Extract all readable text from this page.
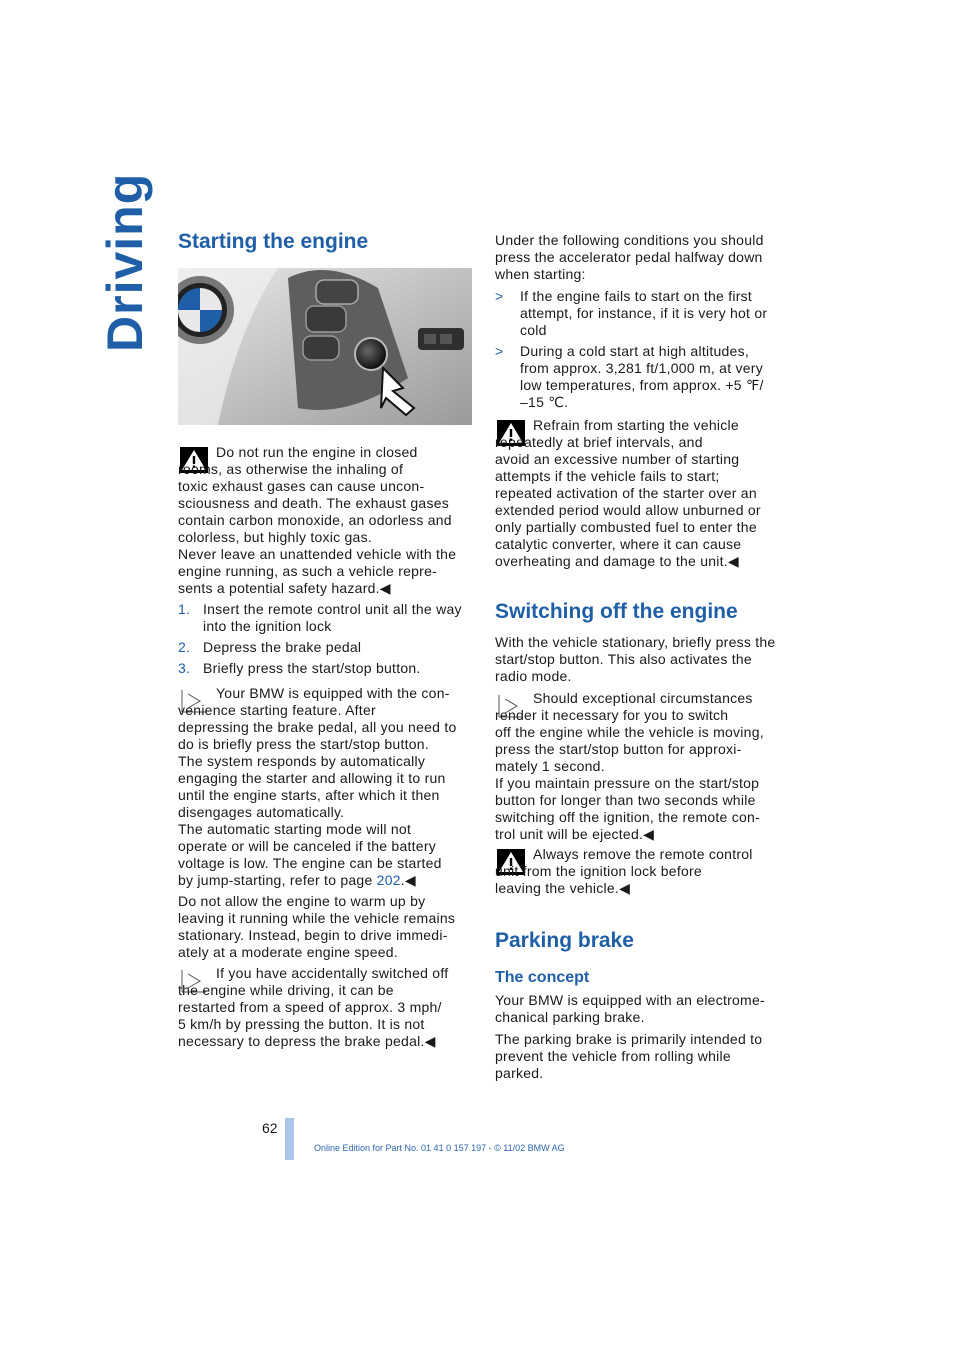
Driving Starting the engine
Do not run the engine in closed
rooms, as otherwise the inhaling of
toxic exhaust gases can cause uncon-
sciousness and death. The exhaust gases
contain carbon monoxide, an odorless and
colorless, but highly toxic gas.
Never leave an unattended vehicle with the
engine running, as such a vehicle repre-
sents a potential safety hazard.◀
1. Insert the remote control unit all the way
into the ignition lock
2. Depress the brake pedal
3. Briefly press the start/stop button.
Your BMW is equipped with the con-
venience starting feature. After
depressing the brake pedal, all you need to
do is briefly press the start/stop button.
The system responds by automatically
engaging the starter and allowing it to run
until the engine starts, after which it then
disengages automatically.
The automatic starting mode will not
operate or will be canceled if the battery
voltage is low. The engine can be started
by jump-starting, refer to page 202.◀
Do not allow the engine to warm up by
leaving it running while the vehicle remains
stationary. Instead, begin to drive immedi-
ately at a moderate engine speed.
If you have accidentally switched off
the engine while driving, it can be
restarted from a speed of approx. 3 mph/
5 km/h by pressing the button. It is not
necessary to depress the brake pedal.◀
Under the following conditions you should
press the accelerator pedal halfway down
when starting:
> If the engine fails to start on the first
attempt, for instance, if it is very hot or
cold
> During a cold start at high altitudes,
from approx. 3,281 ft/1,000 m, at very
low temperatures, from approx. +5 ℉/
–15 ℃.
Refrain from starting the vehicle
repeatedly at brief intervals, and
avoid an excessive number of starting
attempts if the vehicle fails to start;
repeated activation of the starter over an
extended period would allow unburned or
only partially combusted fuel to enter the
catalytic converter, where it can cause
overheating and damage to the unit.◀
Switching off the engine
With the vehicle stationary, briefly press the
start/stop button. This also activates the
radio mode.
Should exceptional circumstances
render it necessary for you to switch
off the engine while the vehicle is moving,
press the start/stop button for approxi-
mately 1 second.
If you maintain pressure on the start/stop
button for longer than two seconds while
switching off the ignition, the remote con-
trol unit will be ejected.◀
Always remove the remote control
unit from the ignition lock before
leaving the vehicle.◀
Parking brake
The concept
Your BMW is equipped with an electrome-
chanical parking brake.
The parking brake is primarily intended to
prevent the vehicle from rolling while
parked.
62
Online Edition for Part No. 01 41 0 157 197 - © 11/02 BMW AG
